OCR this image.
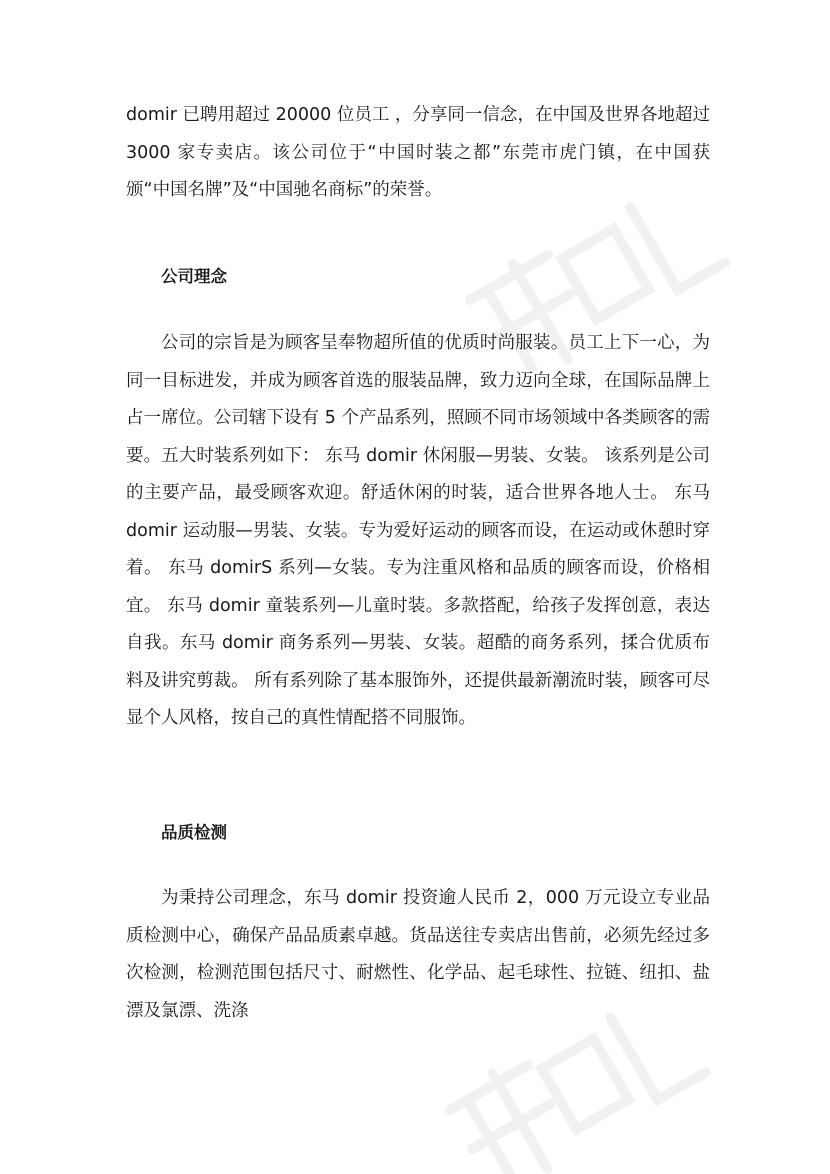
domir 已聘用超过 20000 位员工 ，分享同一信念，在中国及世界各地超过 3000 家专卖店。该公司位于“中国时装之都”东莞市虎门镇，在中国获颁“中国名牌”及“中国驰名商标”的荣誉。

公司理念

公司的宗旨是为顾客呈奉物超所值的优质时尚服装。员工上下一心，为同一目标进发，并成为顾客首选的服装品牌，致力迈向全球，在国际品牌上占一席位。公司辖下设有 5 个产品系列，照顾不同市场领域中各类顾客的需要。五大时装系列如下： 东马 domir 休闲服—男装、女装。 该系列是公司的主要产品，最受顾客欢迎。舒适休闲的时装，适合世界各地人士。 东马 domir 运动服—男装、女装。专为爱好运动的顾客而设，在运动或休憩时穿着。 东马 domirS 系列—女装。专为注重风格和品质的顾客而设，价格相宜。 东马 domir 童装系列—儿童时装。多款搭配，给孩子发挥创意，表达自我。东马 domir 商务系列—男装、女装。超酷的商务系列，揉合优质布料及讲究剪裁。 所有系列除了基本服饰外，还提供最新潮流时装，顾客可尽显个人风格，按自己的真性情配搭不同服饰。

品质检测

为秉持公司理念，东马 domir 投资逾人民币 2，000 万元设立专业品质检测中心，确保产品品质素卓越。货品送往专卖店出售前，必须先经过多次检测，检测范围包括尺寸、耐燃性、化学品、起毛球性、拉链、纽扣、盐漂及氯漂、洗涤
